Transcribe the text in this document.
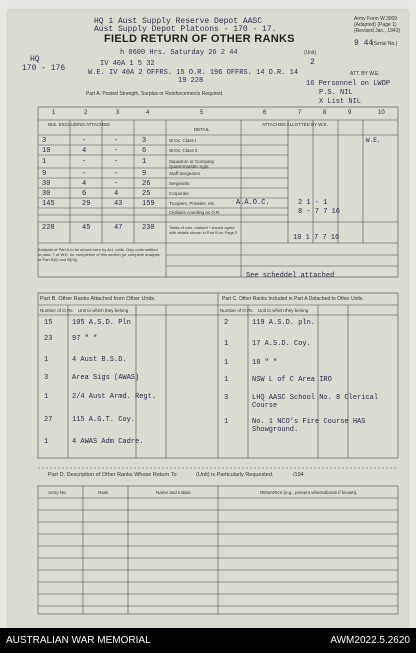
HQ 1 Aust Supply Reserve Depot AASC
Aust Supply Depot Platoons - 170 - 17.
FIELD RETURN OF OTHER RANKS
Army Form W.3009
(Adapted) (Page 1)
(Revised Jan., 1943)
9 44
(Serial No.)
HQ
170 - 176
h 0600 Hrs. Saturday 26 2 44	(Unit)
IV 40A 1 5 32
W.E. IV 40A 2 OFFRS. 15 O.R. 196 OFFRS. 14 O.R. 14
19 228
ATT. BY W.E.
2
16 Personnel on LWOP
P.S. NIL
X List NIL
Part A. Posted Strength, Surplus or Reinforcements Required.
W.E. EXCLUDING ATTACHED	ATTACHED ALLOTTED BY W.E.
DETAIL
W.E.
A.A.O.C.	2 1 - 1
8 - 7 7 16
10 1 7 7 16
See scheddel attached
Analysis of Part A to be shown here by ALL units. Only units entitled to para. 7 of W.E. for completion of this section (or complete analysis of Part B(II) and B(III)).
Part B. Other Ranks Attached from Other Units.
Number of O.Rs. Unit to which they belong
Part C. Other Ranks Included in Part A Detached to Other Units.
Number of O.Rs. Unit to which they belong
Part D. Description of Other Ranks Whose Return To	(Unit) is Particularly Requested.	/194
Army No.	Rank	Name and Initials	REMARKS (e.g., present whereabouts if known).
1	2	3	4	5	6	7	8	9	10
3	-	-	3	W.Os. Class I.
10	4	-	6	W.Os. Class II.
1	-	-	1	Squadron or Company Quartermaster Sgts.
9	-	-	9	Staff Sergeants
30	4	-	26	Sergeants
30	6	4	25	Corporals
145	29	43	159	Troopers, Privates, etc.
Civilians counting as O.R.
228	45	47	230	Totals of cols. marked * should agree with details shown in Part B on Page 2
15	105 A.S.D. Pln
23	97 " "
1	4 Aust B.S.D.
3	Area Sigs (AWAS)
1	2/4 Aust Armd. Regt.
27	115 A.G.T. Coy.
1	4 AWAS Adm Cadre.
2	119 A.S.D. pln.
1	17 A.S.D. Coy.
1	18 " "
1	NSW L of C Area IRO
3	LHQ AASC School No. 8 Clerical Course
1	No. 1 NCO's Fire Course HAS Showground.
AUSTRALIAN WAR MEMORIAL	AWM2022.5.2620
